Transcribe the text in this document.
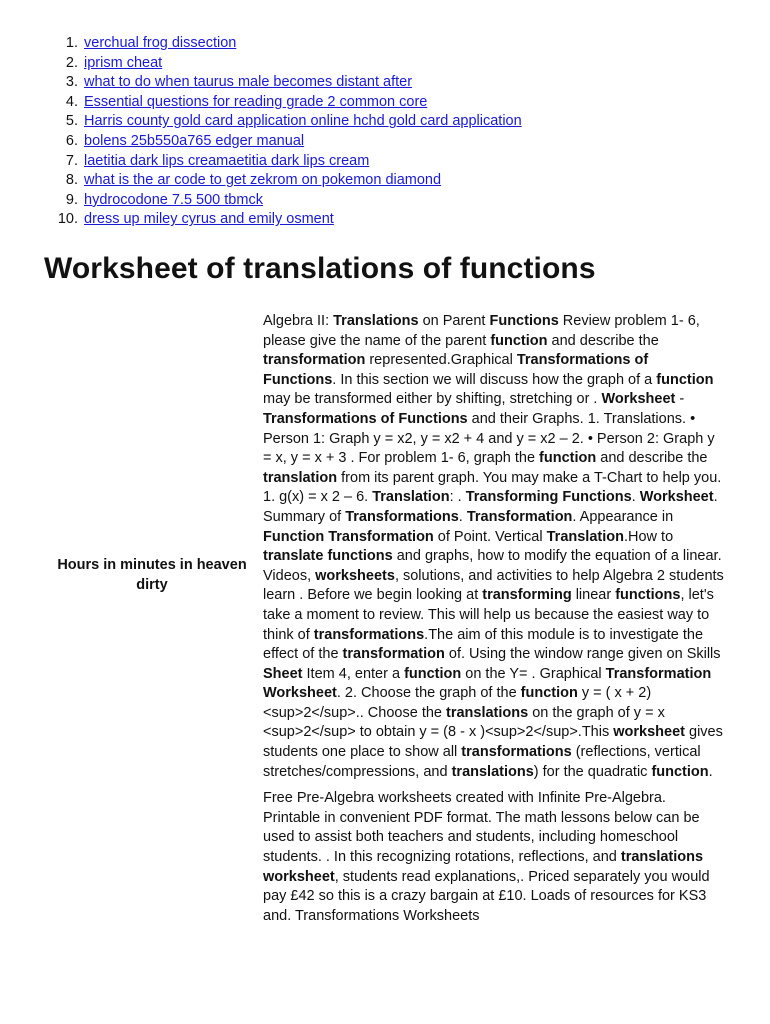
1. verchual frog dissection
2. iprism cheat
3. what to do when taurus male becomes distant after
4. Essential questions for reading grade 2 common core
5. Harris county gold card application online hchd gold card application
6. bolens 25b550a765 edger manual
7. laetitia dark lips creamaetitia dark lips cream
8. what is the ar code to get zekrom on pokemon diamond
9. hydrocodone 7.5 500 tbmck
10. dress up miley cyrus and emily osment
Worksheet of translations of functions
Hours in minutes in heaven dirty

Algebra II: Translations on Parent Functions Review problem 1- 6, please give the name of the parent function and describe the transformation represented.Graphical Transformations of Functions. In this section we will discuss how the graph of a function may be transformed either by shifting, stretching or . Worksheet - Transformations of Functions and their Graphs. 1. Translations. • Person 1: Graph y = x2, y = x2 + 4 and y = x2 – 2. • Person 2: Graph y = x, y = x + 3 . For problem 1- 6, graph the function and describe the translation from its parent graph. You may make a T-Chart to help you. 1. g(x) = x 2 – 6. Translation: . Transforming Functions. Worksheet. Summary of Transformations. Transformation. Appearance in Function Transformation of Point. Vertical Translation.How to translate functions and graphs, how to modify the equation of a linear. Videos, worksheets, solutions, and activities to help Algebra 2 students learn . Before we begin looking at transforming linear functions, let's take a moment to review. This will help us because the easiest way to think of transformations.The aim of this module is to investigate the effect of the transformation of. Using the window range given on Skills Sheet Item 4, enter a function on the Y= . Graphical Transformation Worksheet. 2. Choose the graph of the function y = ( x + 2)<sup>2</sup>.. Choose the translations on the graph of y = x <sup>2</sup> to obtain y = (8 - x )<sup>2</sup>.This worksheet gives students one place to show all transformations (reflections, vertical stretches/compressions, and translations) for the quadratic function.

Free Pre-Algebra worksheets created with Infinite Pre-Algebra. Printable in convenient PDF format. The math lessons below can be used to assist both teachers and students, including homeschool students. . In this recognizing rotations, reflections, and translations worksheet, students read explanations,. Priced separately you would pay £42 so this is a crazy bargain at £10. Loads of resources for KS3 and. Transformations Worksheets
